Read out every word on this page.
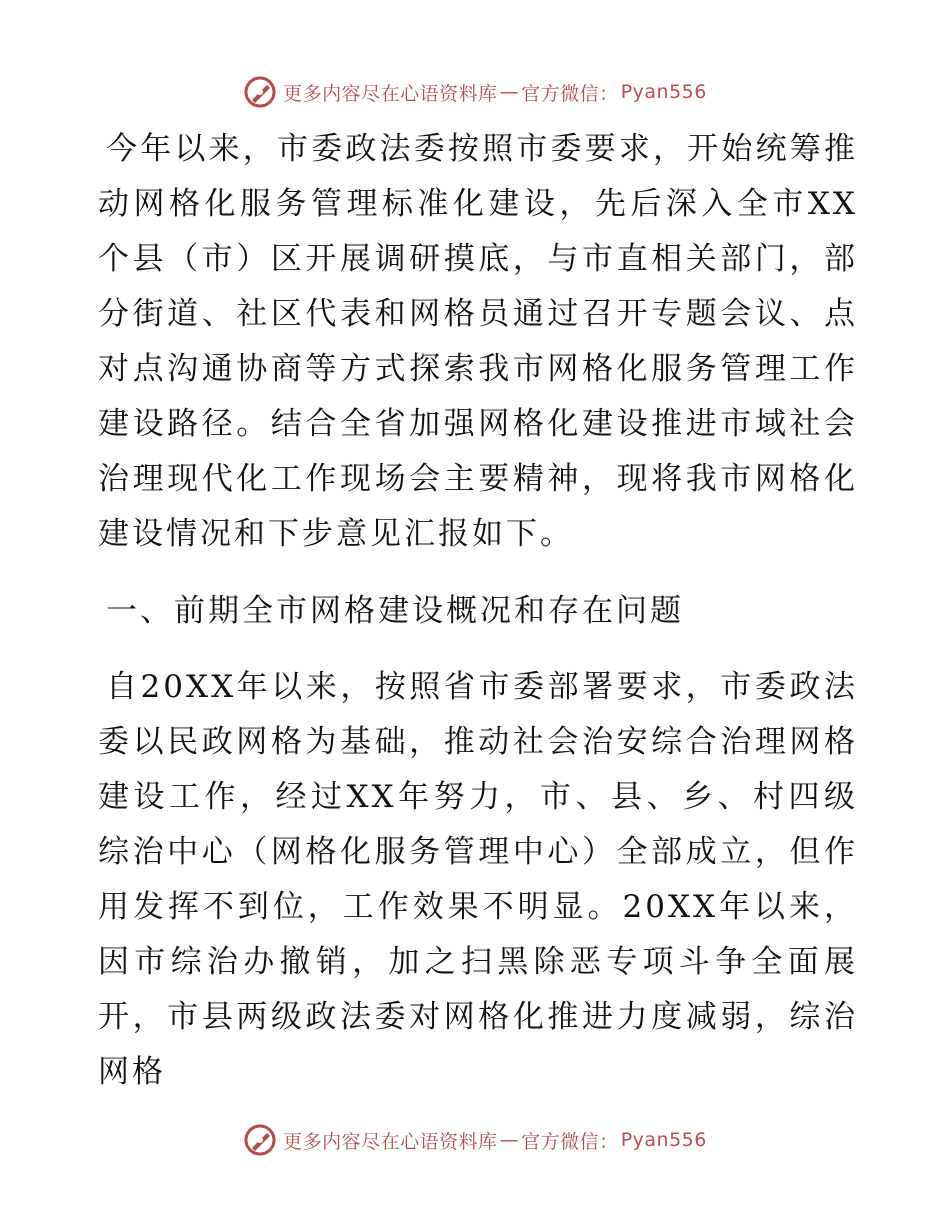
更多内容尽在心语资料库 — 官方微信： Pyan556

今年以来，市委政法委按照市委要求，开始统筹推动网格化服务管理标准化建设，先后深入全市XX个县（市）区开展调研摸底，与市直相关部门，部分街道、社区代表和网格员通过召开专题会议、点对点沟通协商等方式探索我市网格化服务管理工作建设路径。结合全省加强网格化建设推进市域社会治理现代化工作现场会主要精神，现将我市网格化建设情况和下步意见汇报如下。

一、前期全市网格建设概况和存在问题

自20XX年以来，按照省市委部署要求，市委政法委以民政网格为基础，推动社会治安综合治理网格建设工作，经过XX年努力，市、县、乡、村四级综治中心（网格化服务管理中心）全部成立，但作用发挥不到位，工作效果不明显。20XX年以来，因市综治办撤销，加之扫黑除恶专项斗争全面展开，市县两级政法委对网格化推进力度减弱，综治网格

更多内容尽在心语资料库 — 官方微信： Pyan556
